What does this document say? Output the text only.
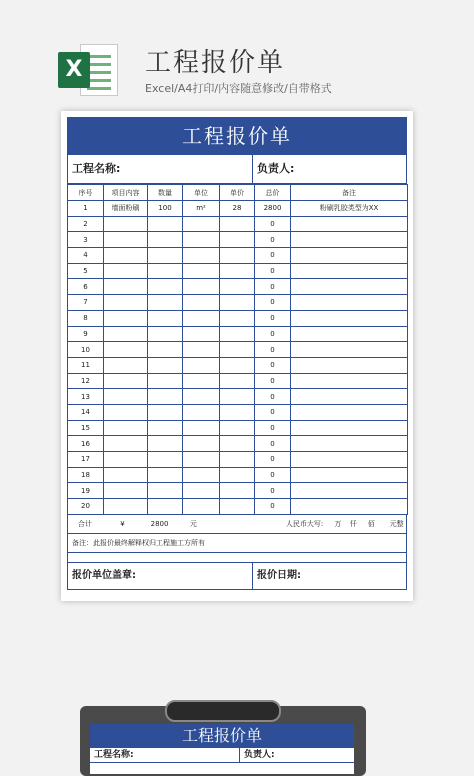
X 工程报价单
Excel/A4打印/内容随意修改/自带格式
工程报价单
工程名称:	负责人:
序号	项目内容	数量	单位	单价	总价	备注
1	墙面粉刷	100	m²	28	2800	粉刷乳胶类型为XX
2					0	
3					0	
4					0	
5					0	
6					0	
7					0	
8					0	
9					0	
10					0	
11					0	
12					0	
13					0	
14					0	
15					0	
16					0	
17					0	
18					0	
19					0	
20					0	
合计	¥	2800	元	人民币大写:	万	仟	佰	元整
备注：此报价最终解释权归工程施工方所有
报价单位盖章:	报价日期:
工程报价单
工程名称:	负责人:
